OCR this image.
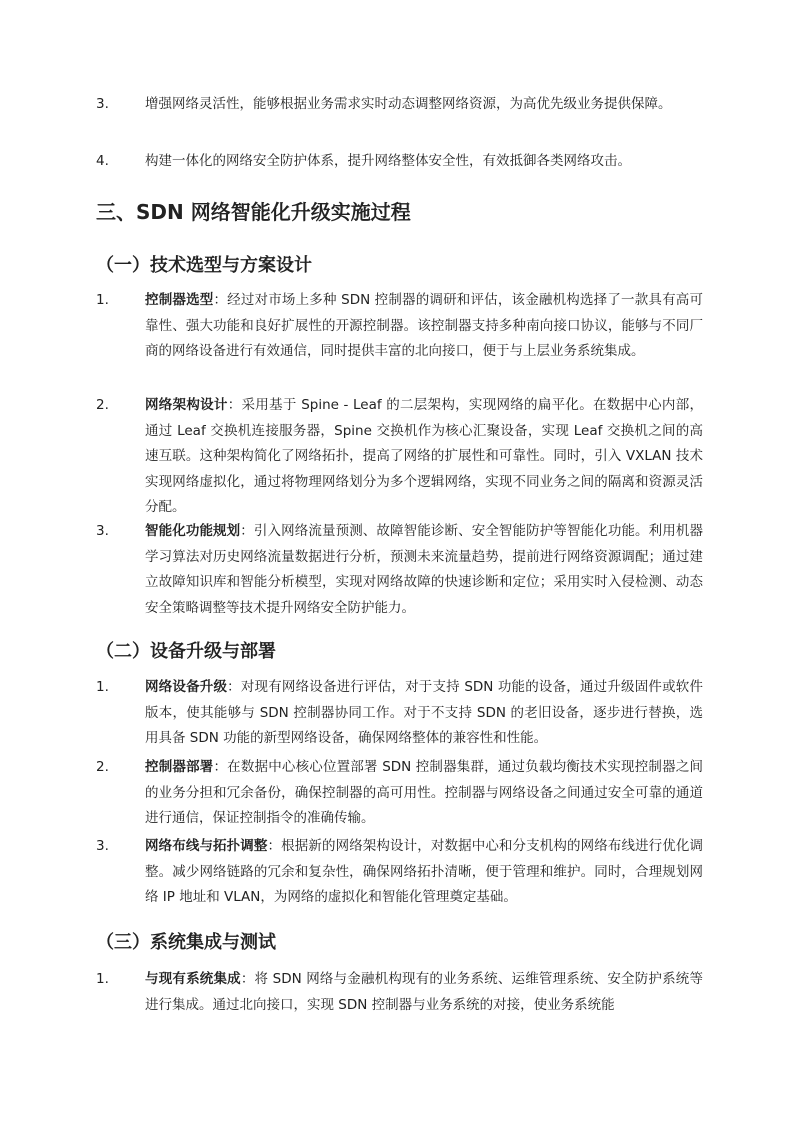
3.	增强网络灵活性，能够根据业务需求实时动态调整网络资源，为高优先级业务提供保障。
4.	构建一体化的网络安全防护体系，提升网络整体安全性，有效抵御各类网络攻击。
三、SDN 网络智能化升级实施过程
（一）技术选型与方案设计
1.	控制器选型：经过对市场上多种 SDN 控制器的调研和评估，该金融机构选择了一款具有高可靠性、强大功能和良好扩展性的开源控制器。该控制器支持多种南向接口协议，能够与不同厂商的网络设备进行有效通信，同时提供丰富的北向接口，便于与上层业务系统集成。
2.	网络架构设计：采用基于 Spine - Leaf 的二层架构，实现网络的扁平化。在数据中心内部，通过 Leaf 交换机连接服务器，Spine 交换机作为核心汇聚设备，实现 Leaf 交换机之间的高速互联。这种架构简化了网络拓扑，提高了网络的扩展性和可靠性。同时，引入 VXLAN 技术实现网络虚拟化，通过将物理网络划分为多个逻辑网络，实现不同业务之间的隔离和资源灵活分配。
3.	智能化功能规划：引入网络流量预测、故障智能诊断、安全智能防护等智能化功能。利用机器学习算法对历史网络流量数据进行分析，预测未来流量趋势，提前进行网络资源调配；通过建立故障知识库和智能分析模型，实现对网络故障的快速诊断和定位；采用实时入侵检测、动态安全策略调整等技术提升网络安全防护能力。
（二）设备升级与部署
1.	网络设备升级：对现有网络设备进行评估，对于支持 SDN 功能的设备，通过升级固件或软件版本，使其能够与 SDN 控制器协同工作。对于不支持 SDN 的老旧设备，逐步进行替换，选用具备 SDN 功能的新型网络设备，确保网络整体的兼容性和性能。
2.	控制器部署：在数据中心核心位置部署 SDN 控制器集群，通过负载均衡技术实现控制器之间的业务分担和冗余备份，确保控制器的高可用性。控制器与网络设备之间通过安全可靠的通道进行通信，保证控制指令的准确传输。
3.	网络布线与拓扑调整：根据新的网络架构设计，对数据中心和分支机构的网络布线进行优化调整。减少网络链路的冗余和复杂性，确保网络拓扑清晰，便于管理和维护。同时，合理规划网络 IP 地址和 VLAN，为网络的虚拟化和智能化管理奠定基础。
（三）系统集成与测试
1.	与现有系统集成：将 SDN 网络与金融机构现有的业务系统、运维管理系统、安全防护系统等进行集成。通过北向接口，实现 SDN 控制器与业务系统的对接，使业务系统能
